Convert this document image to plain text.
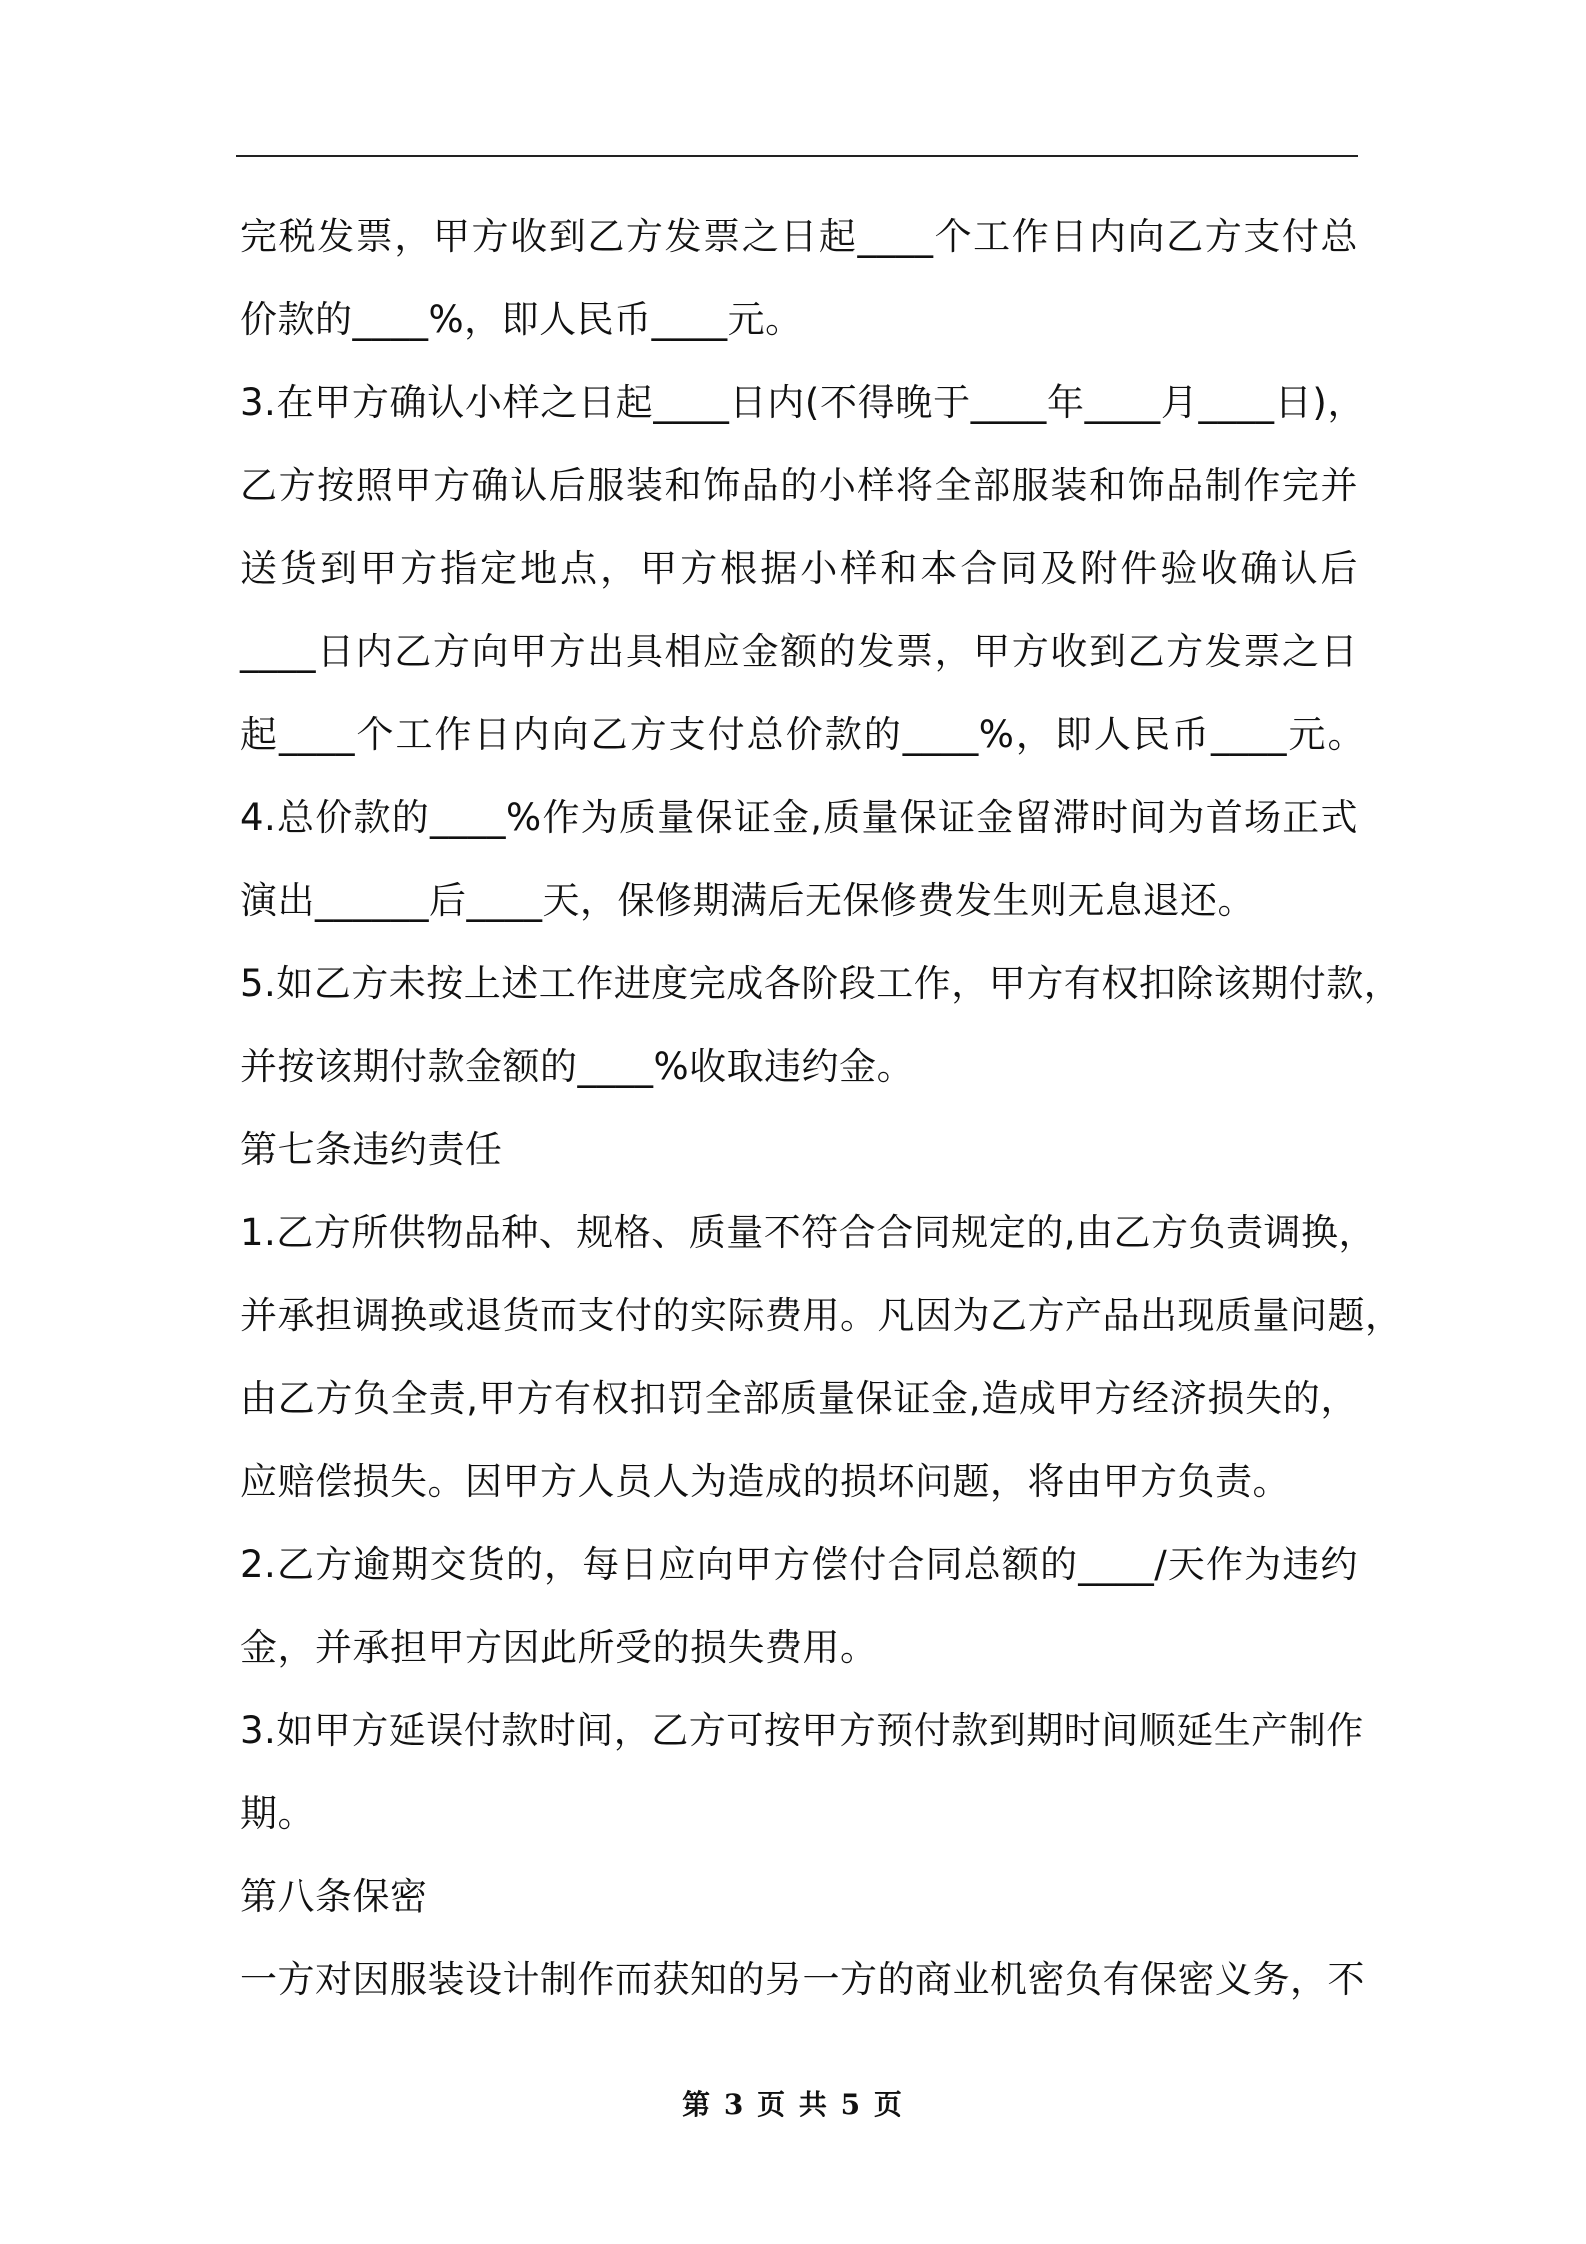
完税发票，甲方收到乙方发票之日起____个工作日内向乙方支付总
价款的____%，即人民币____元。
3.在甲方确认小样之日起____日内(不得晚于____年____月____日)，
乙方按照甲方确认后服装和饰品的小样将全部服装和饰品制作完并
送货到甲方指定地点，甲方根据小样和本合同及附件验收确认后
____日内乙方向甲方出具相应金额的发票，甲方收到乙方发票之日
起____个工作日内向乙方支付总价款的____%，即人民币____元。
4.总价款的____%作为质量保证金,质量保证金留滞时间为首场正式
演出______后____天，保修期满后无保修费发生则无息退还。
5.如乙方未按上述工作进度完成各阶段工作，甲方有权扣除该期付款，
并按该期付款金额的____%收取违约金。
第七条违约责任
1.乙方所供物品种、规格、质量不符合合同规定的,由乙方负责调换，
并承担调换或退货而支付的实际费用。凡因为乙方产品出现质量问题，
由乙方负全责,甲方有权扣罚全部质量保证金,造成甲方经济损失的，
应赔偿损失。因甲方人员人为造成的损坏问题，将由甲方负责。
2.乙方逾期交货的，每日应向甲方偿付合同总额的____/天作为违约
金，并承担甲方因此所受的损失费用。
3.如甲方延误付款时间，乙方可按甲方预付款到期时间顺延生产制作
期。
第八条保密
一方对因服装设计制作而获知的另一方的商业机密负有保密义务，不
第 3 页 共 5 页
